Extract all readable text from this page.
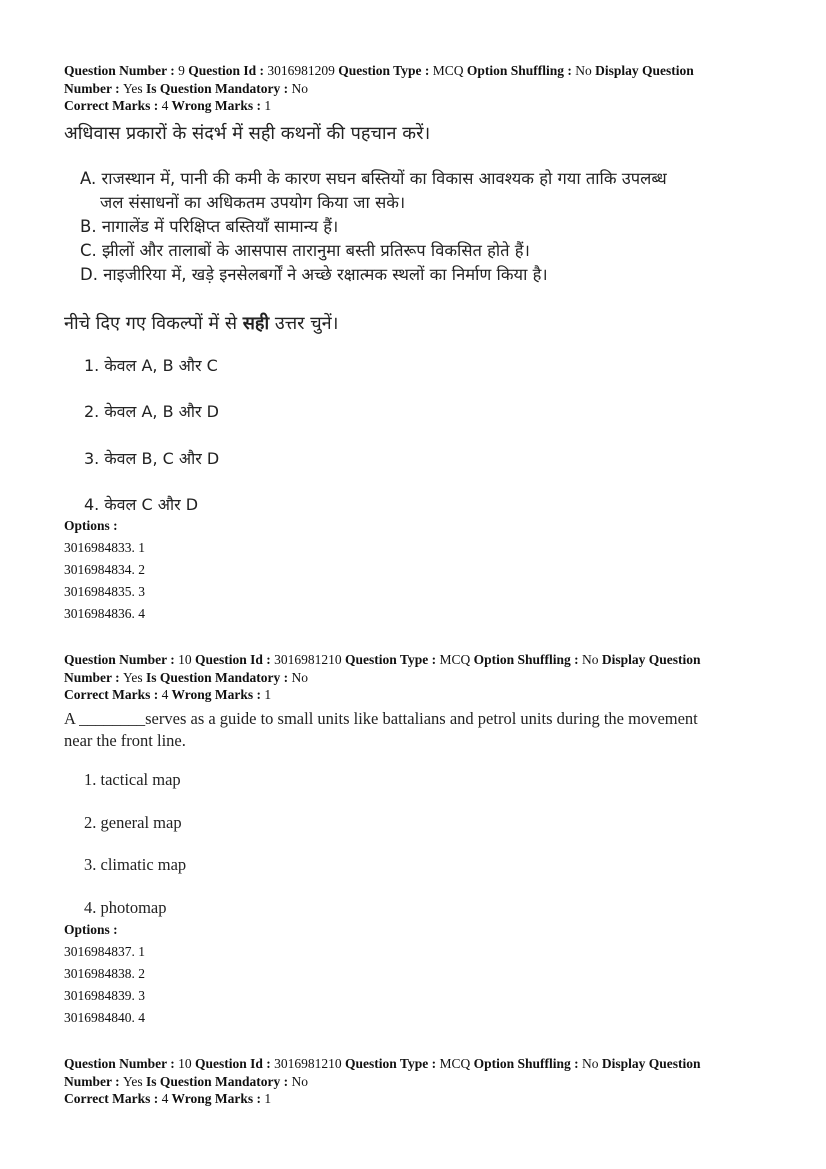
Question Number : 9 Question Id : 3016981209 Question Type : MCQ Option Shuffling : No Display Question
Number : Yes Is Question Mandatory : No
Correct Marks : 4 Wrong Marks : 1
अधिवास प्रकारों के संदर्भ में सही कथनों की पहचान करें।
A. राजस्थान में, पानी की कमी के कारण सघन बस्तियों का विकास आवश्यक हो गया ताकि उपलब्ध
जल संसाधनों का अधिकतम उपयोग किया जा सके।
B. नागालेंड में परिक्षिप्त बस्तियाँ सामान्य हैं।
C. झीलों और तालाबों के आसपास तारानुमा बस्ती प्रतिरूप विकसित होते हैं।
D. नाइजीरिया में, खड़े इनसेलबर्गों ने अच्छे रक्षात्मक स्थलों का निर्माण किया है।
नीचे दिए गए विकल्पों में से सही उत्तर चुनें।
1. केवल A, B और C
2. केवल A, B और D
3. केवल B, C और D
4. केवल C और D
Options :
3016984833. 1
3016984834. 2
3016984835. 3
3016984836. 4
Question Number : 10 Question Id : 3016981210 Question Type : MCQ Option Shuffling : No Display Question
Number : Yes Is Question Mandatory : No
Correct Marks : 4 Wrong Marks : 1
A ________serves as a guide to small units like battalians and petrol units during the movement
near the front line.
1. tactical map
2. general map
3. climatic map
4. photomap
Options :
3016984837. 1
3016984838. 2
3016984839. 3
3016984840. 4
Question Number : 10 Question Id : 3016981210 Question Type : MCQ Option Shuffling : No Display Question
Number : Yes Is Question Mandatory : No
Correct Marks : 4 Wrong Marks : 1
